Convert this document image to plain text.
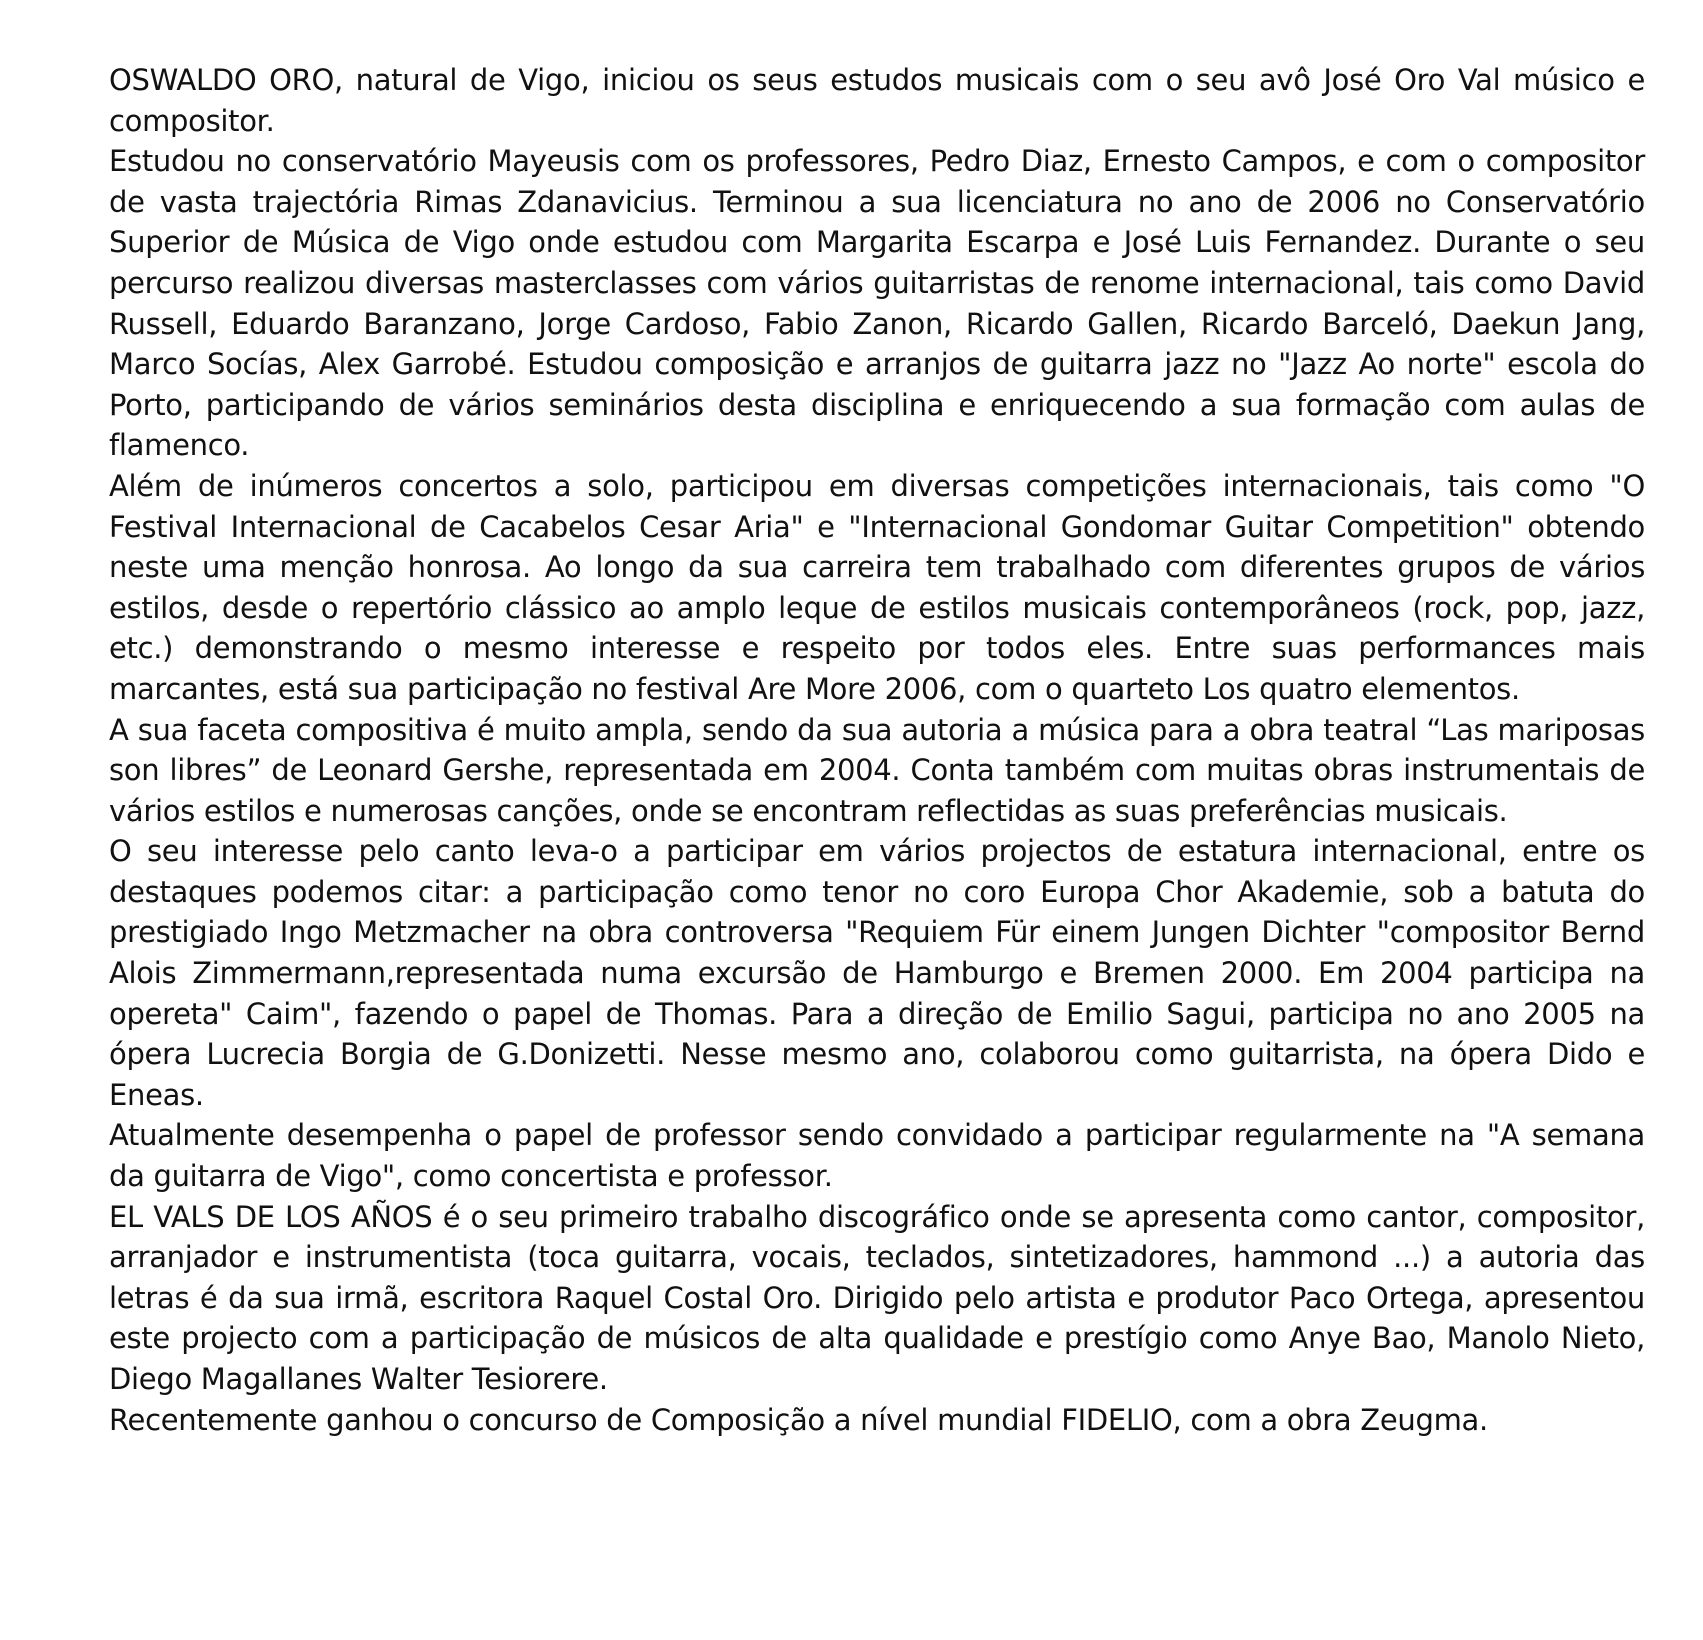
OSWALDO ORO, natural de Vigo, iniciou os seus estudos musicais com o seu avô José Oro Val músico e compositor.

Estudou no conservatório Mayeusis com os professores, Pedro Diaz, Ernesto Campos, e com o compositor de vasta trajectória Rimas Zdanavicius. Terminou a sua licenciatura no ano de 2006 no Conservatório Superior de Música de Vigo onde estudou com Margarita Escarpa e José Luis Fernandez. Durante o seu percurso realizou diversas masterclasses com vários guitarristas de renome internacional, tais como David Russell, Eduardo Baranzano, Jorge Cardoso, Fabio Zanon, Ricardo Gallen, Ricardo Barceló, Daekun Jang, Marco Socías, Alex Garrobé. Estudou composição e arranjos de guitarra jazz no "Jazz Ao norte" escola do Porto, participando de vários seminários desta disciplina e enriquecendo a sua formação com aulas de flamenco.

Além de inúmeros concertos a solo, participou em diversas competições internacionais, tais como "O Festival Internacional de Cacabelos Cesar Aria" e "Internacional Gondomar Guitar Competition" obtendo neste uma menção honrosa. Ao longo da sua carreira tem trabalhado com diferentes grupos de vários estilos, desde o repertório clássico ao amplo leque de estilos musicais contemporâneos (rock, pop, jazz, etc.) demonstrando o mesmo interesse e respeito por todos eles. Entre suas performances mais marcantes, está sua participação no festival Are More 2006, com o quarteto Los quatro elementos.

A sua faceta compositiva é muito ampla, sendo da sua autoria a música para a obra teatral “Las mariposas son libres” de Leonard Gershe, representada em 2004. Conta também com muitas obras instrumentais de vários estilos e numerosas canções, onde se encontram reflectidas as suas preferências musicais.

O seu interesse pelo canto leva-o a participar em vários projectos de estatura internacional, entre os destaques podemos citar: a participação como tenor no coro Europa Chor Akademie, sob a batuta do prestigiado Ingo Metzmacher na obra controversa "Requiem Für einem Jungen Dichter "compositor Bernd Alois Zimmermann,representada numa excursão de Hamburgo e Bremen 2000. Em 2004 participa na opereta" Caim", fazendo o papel de Thomas. Para a direção de Emilio Sagui, participa no ano 2005 na ópera Lucrecia Borgia de G.Donizetti. Nesse mesmo ano, colaborou como guitarrista, na ópera Dido e Eneas.

Atualmente desempenha o papel de professor sendo convidado a participar regularmente na "A semana da guitarra de Vigo", como concertista e professor.

EL VALS DE LOS AÑOS é o seu primeiro trabalho discográfico onde se apresenta como cantor, compositor, arranjador e instrumentista (toca guitarra, vocais, teclados, sintetizadores, hammond ...) a autoria das letras é da sua irmã, escritora Raquel Costal Oro. Dirigido pelo artista e produtor Paco Ortega, apresentou este projecto com a participação de músicos de alta qualidade e prestígio como Anye Bao, Manolo Nieto, Diego Magallanes Walter Tesiorere.

Recentemente ganhou o concurso de Composição a nível mundial FIDELIO, com a obra Zeugma.
